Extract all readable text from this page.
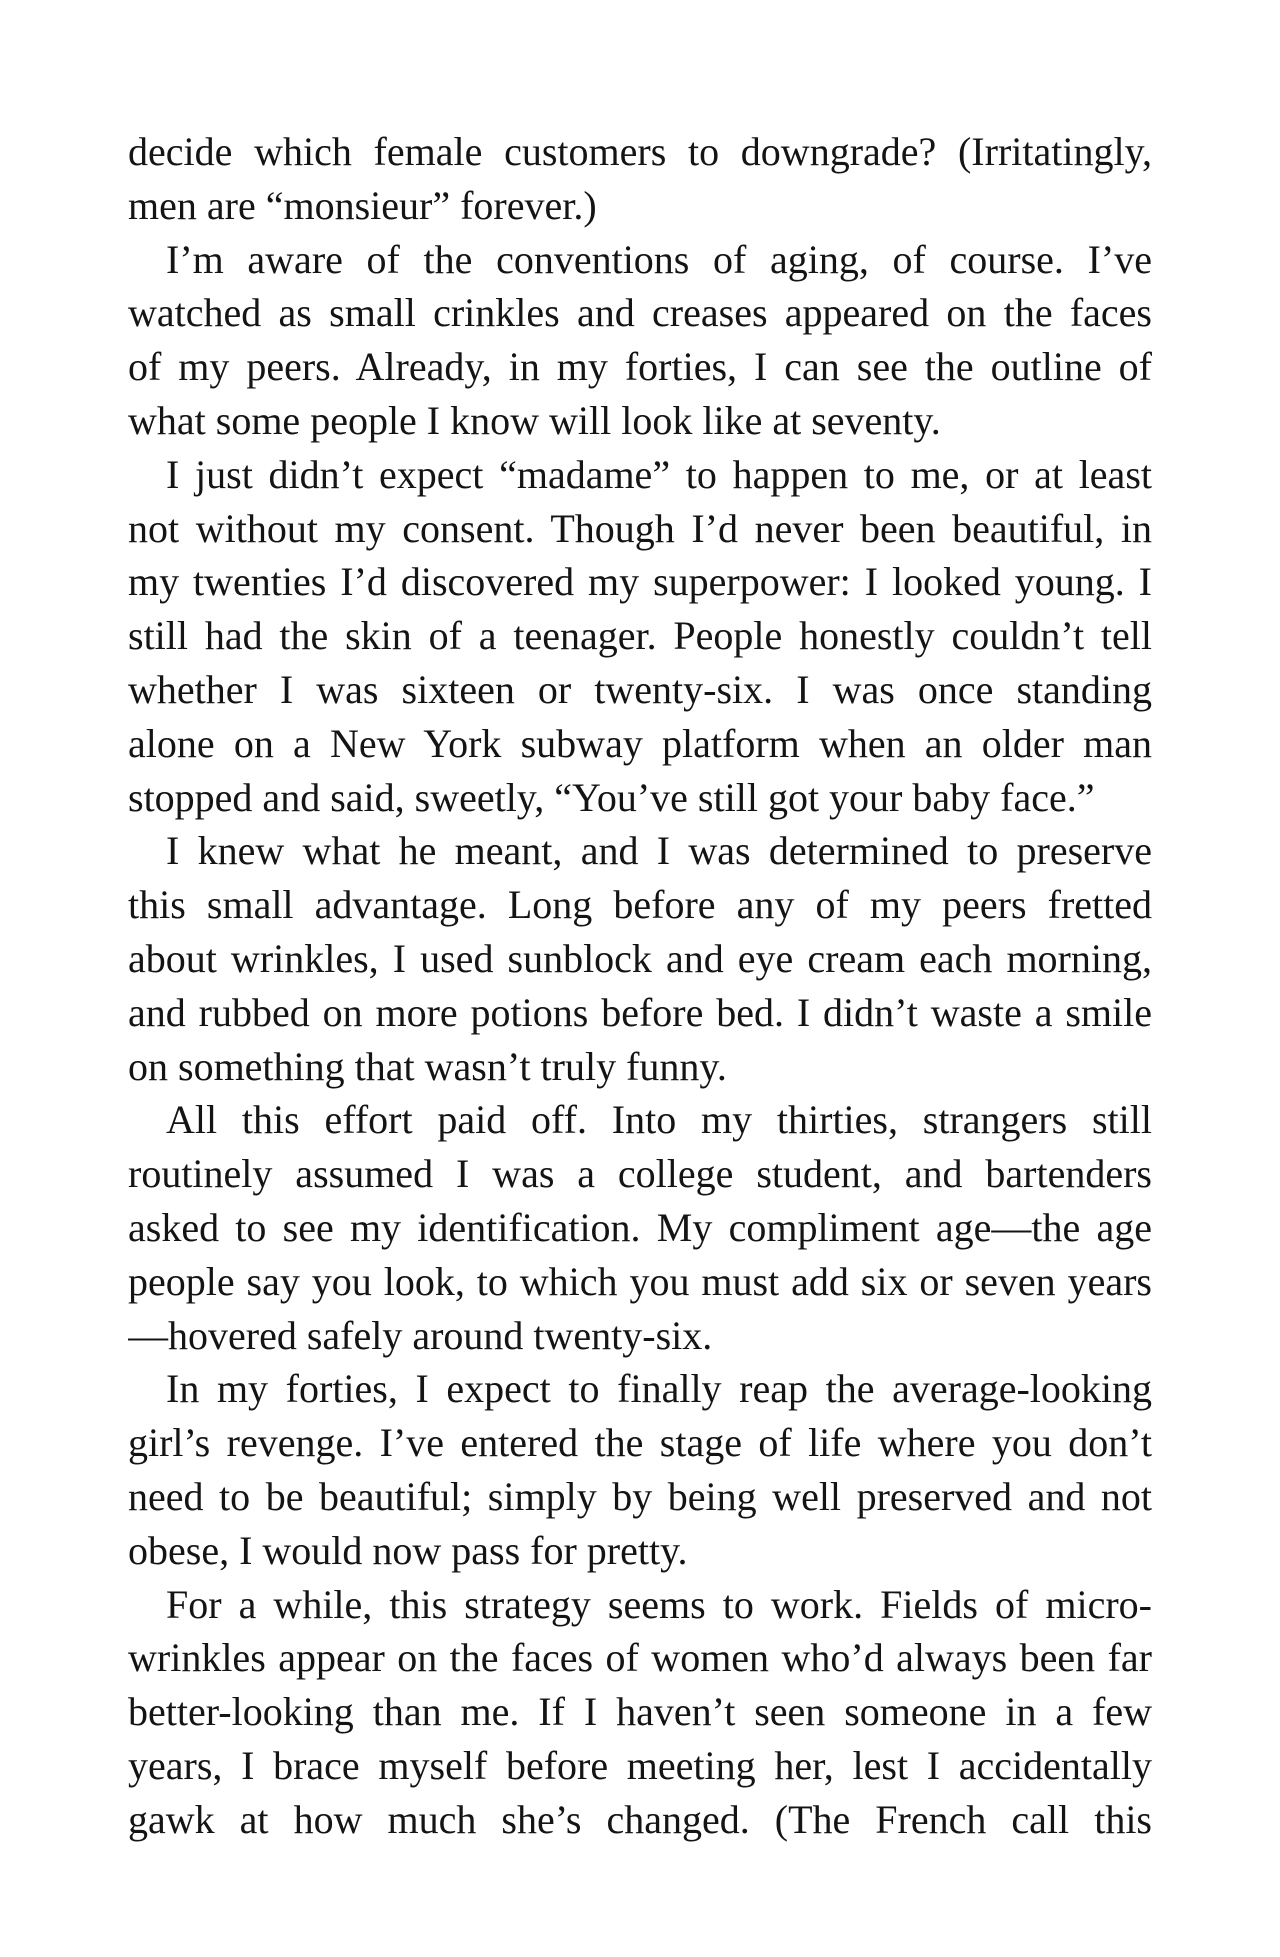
decide which female customers to downgrade? (Irritatingly,
men are “monsieur” forever.)
I’m aware of the conventions of aging, of course. I’ve
watched as small crinkles and creases appeared on the faces
of my peers. Already, in my forties, I can see the outline of
what some people I know will look like at seventy.
I just didn’t expect “madame” to happen to me, or at least
not without my consent. Though I’d never been beautiful, in
my twenties I’d discovered my superpower: I looked young. I
still had the skin of a teenager. People honestly couldn’t tell
whether I was sixteen or twenty-six. I was once standing
alone on a New York subway platform when an older man
stopped and said, sweetly, “You’ve still got your baby face.”
I knew what he meant, and I was determined to preserve
this small advantage. Long before any of my peers fretted
about wrinkles, I used sunblock and eye cream each morning,
and rubbed on more potions before bed. I didn’t waste a smile
on something that wasn’t truly funny.
All this effort paid off. Into my thirties, strangers still
routinely assumed I was a college student, and bartenders
asked to see my identification. My compliment age—the age
people say you look, to which you must add six or seven years
—hovered safely around twenty-six.
In my forties, I expect to finally reap the average-looking
girl’s revenge. I’ve entered the stage of life where you don’t
need to be beautiful; simply by being well preserved and not
obese, I would now pass for pretty.
For a while, this strategy seems to work. Fields of micro-
wrinkles appear on the faces of women who’d always been far
better-looking than me. If I haven’t seen someone in a few
years, I brace myself before meeting her, lest I accidentally
gawk at how much she’s changed. (The French call this
